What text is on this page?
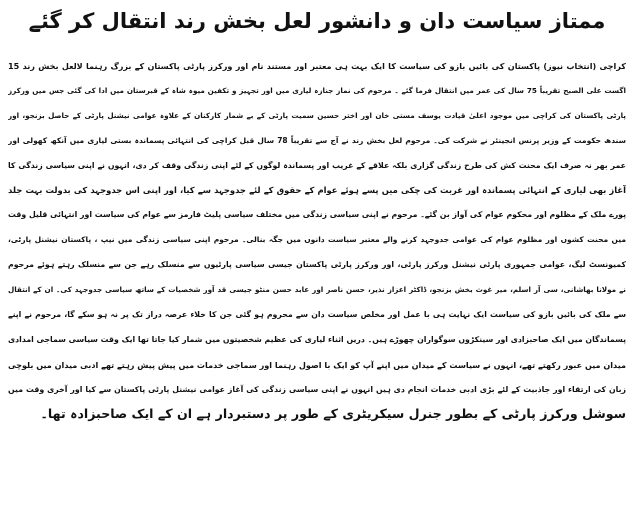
ممتاز سیاست دان و دانشور لعل بخش رند انتقال کر گئے
کراچی (انتخاب نیوز) پاکستان کی بائیں بازو کی سیاست کا ایک بہت ہی معتبر اور مستند نام اور ورکرز پارٹی پاکستان کے بزرگ رہنما لالعل بخش رند 15
اگست علی الصبح تقریباً 75 سال کی عمر میں انتقال فرما گئے ۔ مرحوم کی نماز جنازہ لیاری میں اور تجہیز و تکفین میوہ شاہ کے قبرستان میں ادا کی گئی جس میں ورکرز
پارٹی پاکستان کی کراچی میں موجود اعلیٰ قیادت یوسف مستی خان اور اختر حسین سمیت پارٹی کے بے شمار کارکنان کے علاوہ عوامی نیشنل پارٹی کے حاصل بزنجو، اور
سندھ حکومت کے وزیر پرنس انجینئر نے شرکت کی۔ مرحوم لعل بخش رند نے آج سے تقریباً 78 سال قبل کراچی کی انتہائی پسماندہ بستی لیاری میں آنکھ کھولی اور
عمر بھر نہ صرف ایک محنت کش کی طرح زندگی گزاری بلکہ علاقے کے غریب اور پسماندہ لوگوں کے لئے اپنی زندگی وقف کر دی، انہوں نے اپنی سیاسی زندگی کا
آغاز بھی لیاری کے انتہائی پسماندہ اور غربت کی چکی میں پسے ہوئے عوام کے حقوق کے لئے جدوجہد سے کیا، اور اپنی اس جدوجہد کی بدولت بہت جلد
پورے ملک کے مظلوم اور محکوم عوام کی آواز بن گئے۔ مرحوم نے اپنی سیاسی زندگی میں مختلف سیاسی پلیٹ فارمز سے عوام کی سیاست اور انتہائی قلیل وقت
میں محنت کشوں اور مظلوم عوام کی عوامی جدوجہد کرنے والے معتبر سیاست دانوں میں جگہ بنالی۔ مرحوم اپنی سیاسی زندگی میں نیپ ، پاکستان نیشنل پارٹی،
کمیونسٹ لیگ، عوامی جمہوری پارٹی نیشنل ورکرز پارٹی، اور ورکرز پارٹی پاکستان جیسی سیاسی پارٹیوں سے منسلک رہے جن سے منسلک رہتے ہوئے مرحوم
نے مولانا بھاشانی، سی آر اسلم، میر غوث بخش بزنجو، ڈاکٹر اعزاز نذیر، حسن ناصر اور عابد حسن منٹو جیسی قد آور شخصیات کے ساتھ سیاسی جدوجہد کی۔ ان کے انتقال
سے ملک کی بائیں بازو کی سیاست ایک نہایت ہی با عمل اور مخلص سیاست دان سے محروم ہو گئی جن کا خلاء عرصہ دراز تک پر نہ ہو سکے گا، مرحوم نے اپنے
پسماندگان میں ایک صاحبزادی اور سینکڑوں سوگواران چھوڑے ہیں۔ دریں اثناء لیاری کی عظیم شخصیتوں میں شمار کیا جاتا تھا ایک وقت سیاسی سماجی امدادی
میدان میں عبور رکھتے تھے، انہوں نے سیاست کے میدان میں اپنے آپ کو ایک با اصول رہنما اور سماجی خدمات میں پیش پیش رہتے تھے ادبی میدان میں بلوچی
زبان کی ارتقاء اور جاذبیت کے لئے بڑی ادبی خدمات انجام دی ہیں انہوں نے اپنی سیاسی زندگی کی آغاز عوامی نیشنل پارٹی پاکستان سے کیا اور آخری وقت میں
سوشل ورکرز پارٹی کے بطور جنرل سیکریٹری کے طور پر دستبردار ہے ان کے ایک صاحبزادہ تھا۔
